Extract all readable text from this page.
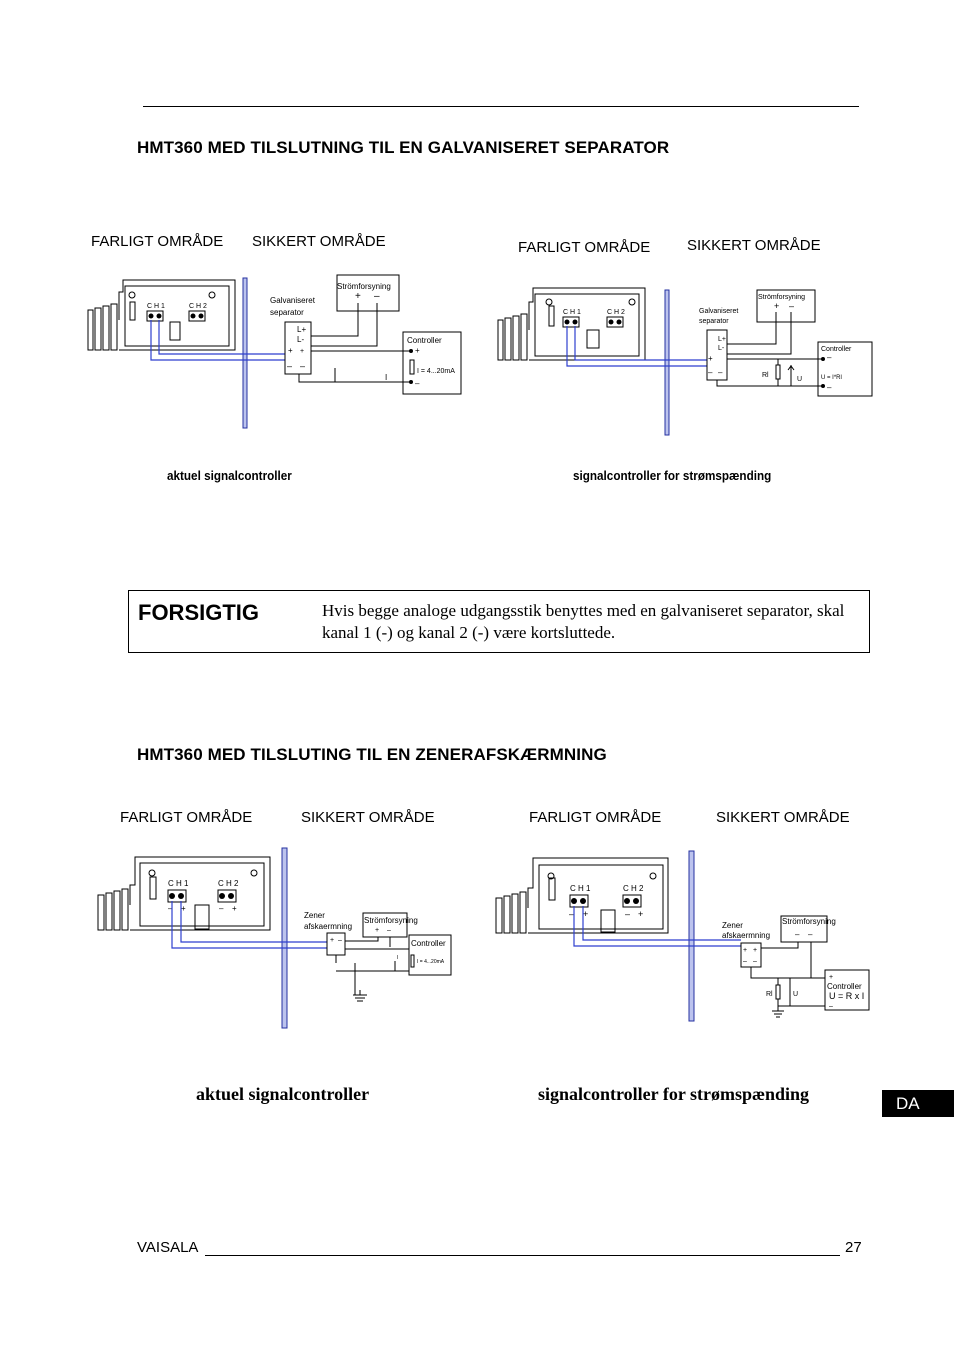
HMT360 MED TILSLUTNING TIL EN GALVANISERET SEPARATOR
FARLIGT OMRÅDE SIKKERT OMRÅDE	FARLIGT OMRÅDE SIKKERT OMRÅDE
C H 1	C H 2
Galvaniseret
separator
L+
L-
+ +
– –
Strömforsyning
+ –
Controller
+
I = 4...20mA
–
I
C H 1	C H 2	Galvaniseret
separator
L+
L-
+
– –
Strömforsyning
+ –
Controller
–
U = I*Rl
–
Rl
U
aktuel signalcontroller	signalcontroller for strømspænding
FORSIGTIG	Hvis begge analoge udgangsstik benyttes med en galvaniseret separator, skal kanal 1 (-) og kanal 2 (-) være kortsluttede.
HMT360 MED TILSLUTING TIL EN ZENERAFSKÆRMNING
FARLIGT OMRÅDE	SIKKERT OMRÅDE	FARLIGT OMRÅDE	SIKKERT OMRÅDE
C H 1	C H 2
– +	– +
Zener
afskaermning
+ –
Strömforsyning
+ –
Controller
I = 4...20mA
I
C H 1	C H 2
– +	– +
Zener
afskaermning
+ +
– –
Strömforsyning
– –
+
Controller
U = R x I
–
Rl	U
aktuel signalcontroller	signalcontroller for strømspænding	DA
VAISALA	27
